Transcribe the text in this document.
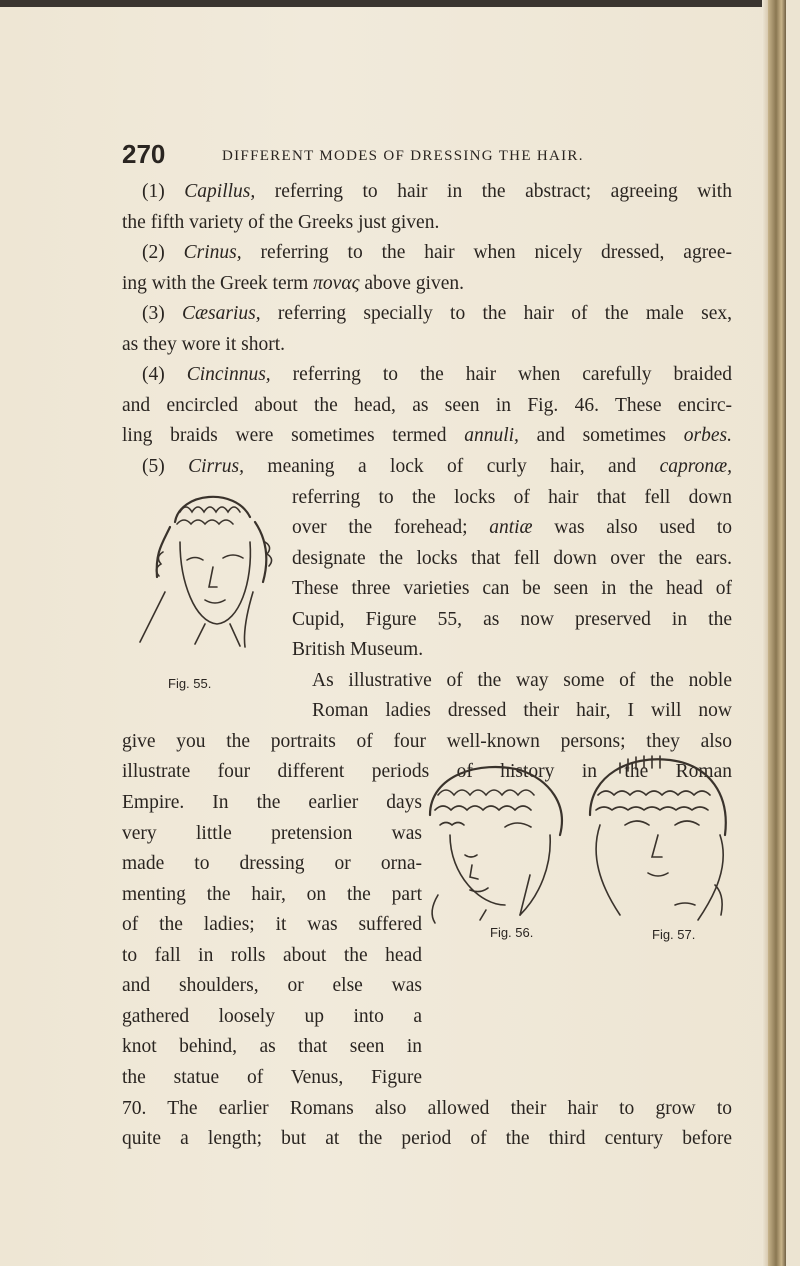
270	DIFFERENT MODES OF DRESSING THE HAIR.
(1) Capillus, referring to hair in the abstract; agreeing with
the fifth variety of the Greeks just given.
(2) Crinus, referring to the hair when nicely dressed, agree-
ing with the Greek term πονας above given.
(3) Cæsarius, referring specially to the hair of the male sex,
as they wore it short.
(4) Cincinnus, referring to the hair when carefully braided
and encircled about the head, as seen in Fig. 46. These encirc-
ling braids were sometimes termed annuli, and sometimes orbes.
(5) Cirrus, meaning a lock of curly hair, and capronæ,
referring to the locks of hair that fell down
over the forehead; antiæ was also used to
designate the locks that fell down over the ears.
These three varieties can be seen in the head of
Cupid, Figure 55, as now preserved in the
British Museum.
As illustrative of the way some of the noble
Roman ladies dressed their hair, I will now
give you the portraits of four well-known persons; they also
illustrate four different periods of history in the Roman
Empire. In the earlier days
very little pretension was
made to dressing or orna-
menting the hair, on the part
of the ladies; it was suffered
to fall in rolls about the head
and shoulders, or else was
gathered loosely up into a
knot behind, as that seen in
the statue of Venus, Figure
70. The earlier Romans also allowed their hair to grow to
quite a length; but at the period of the third century before
Fig. 55.
Fig. 56.	Fig. 57.
